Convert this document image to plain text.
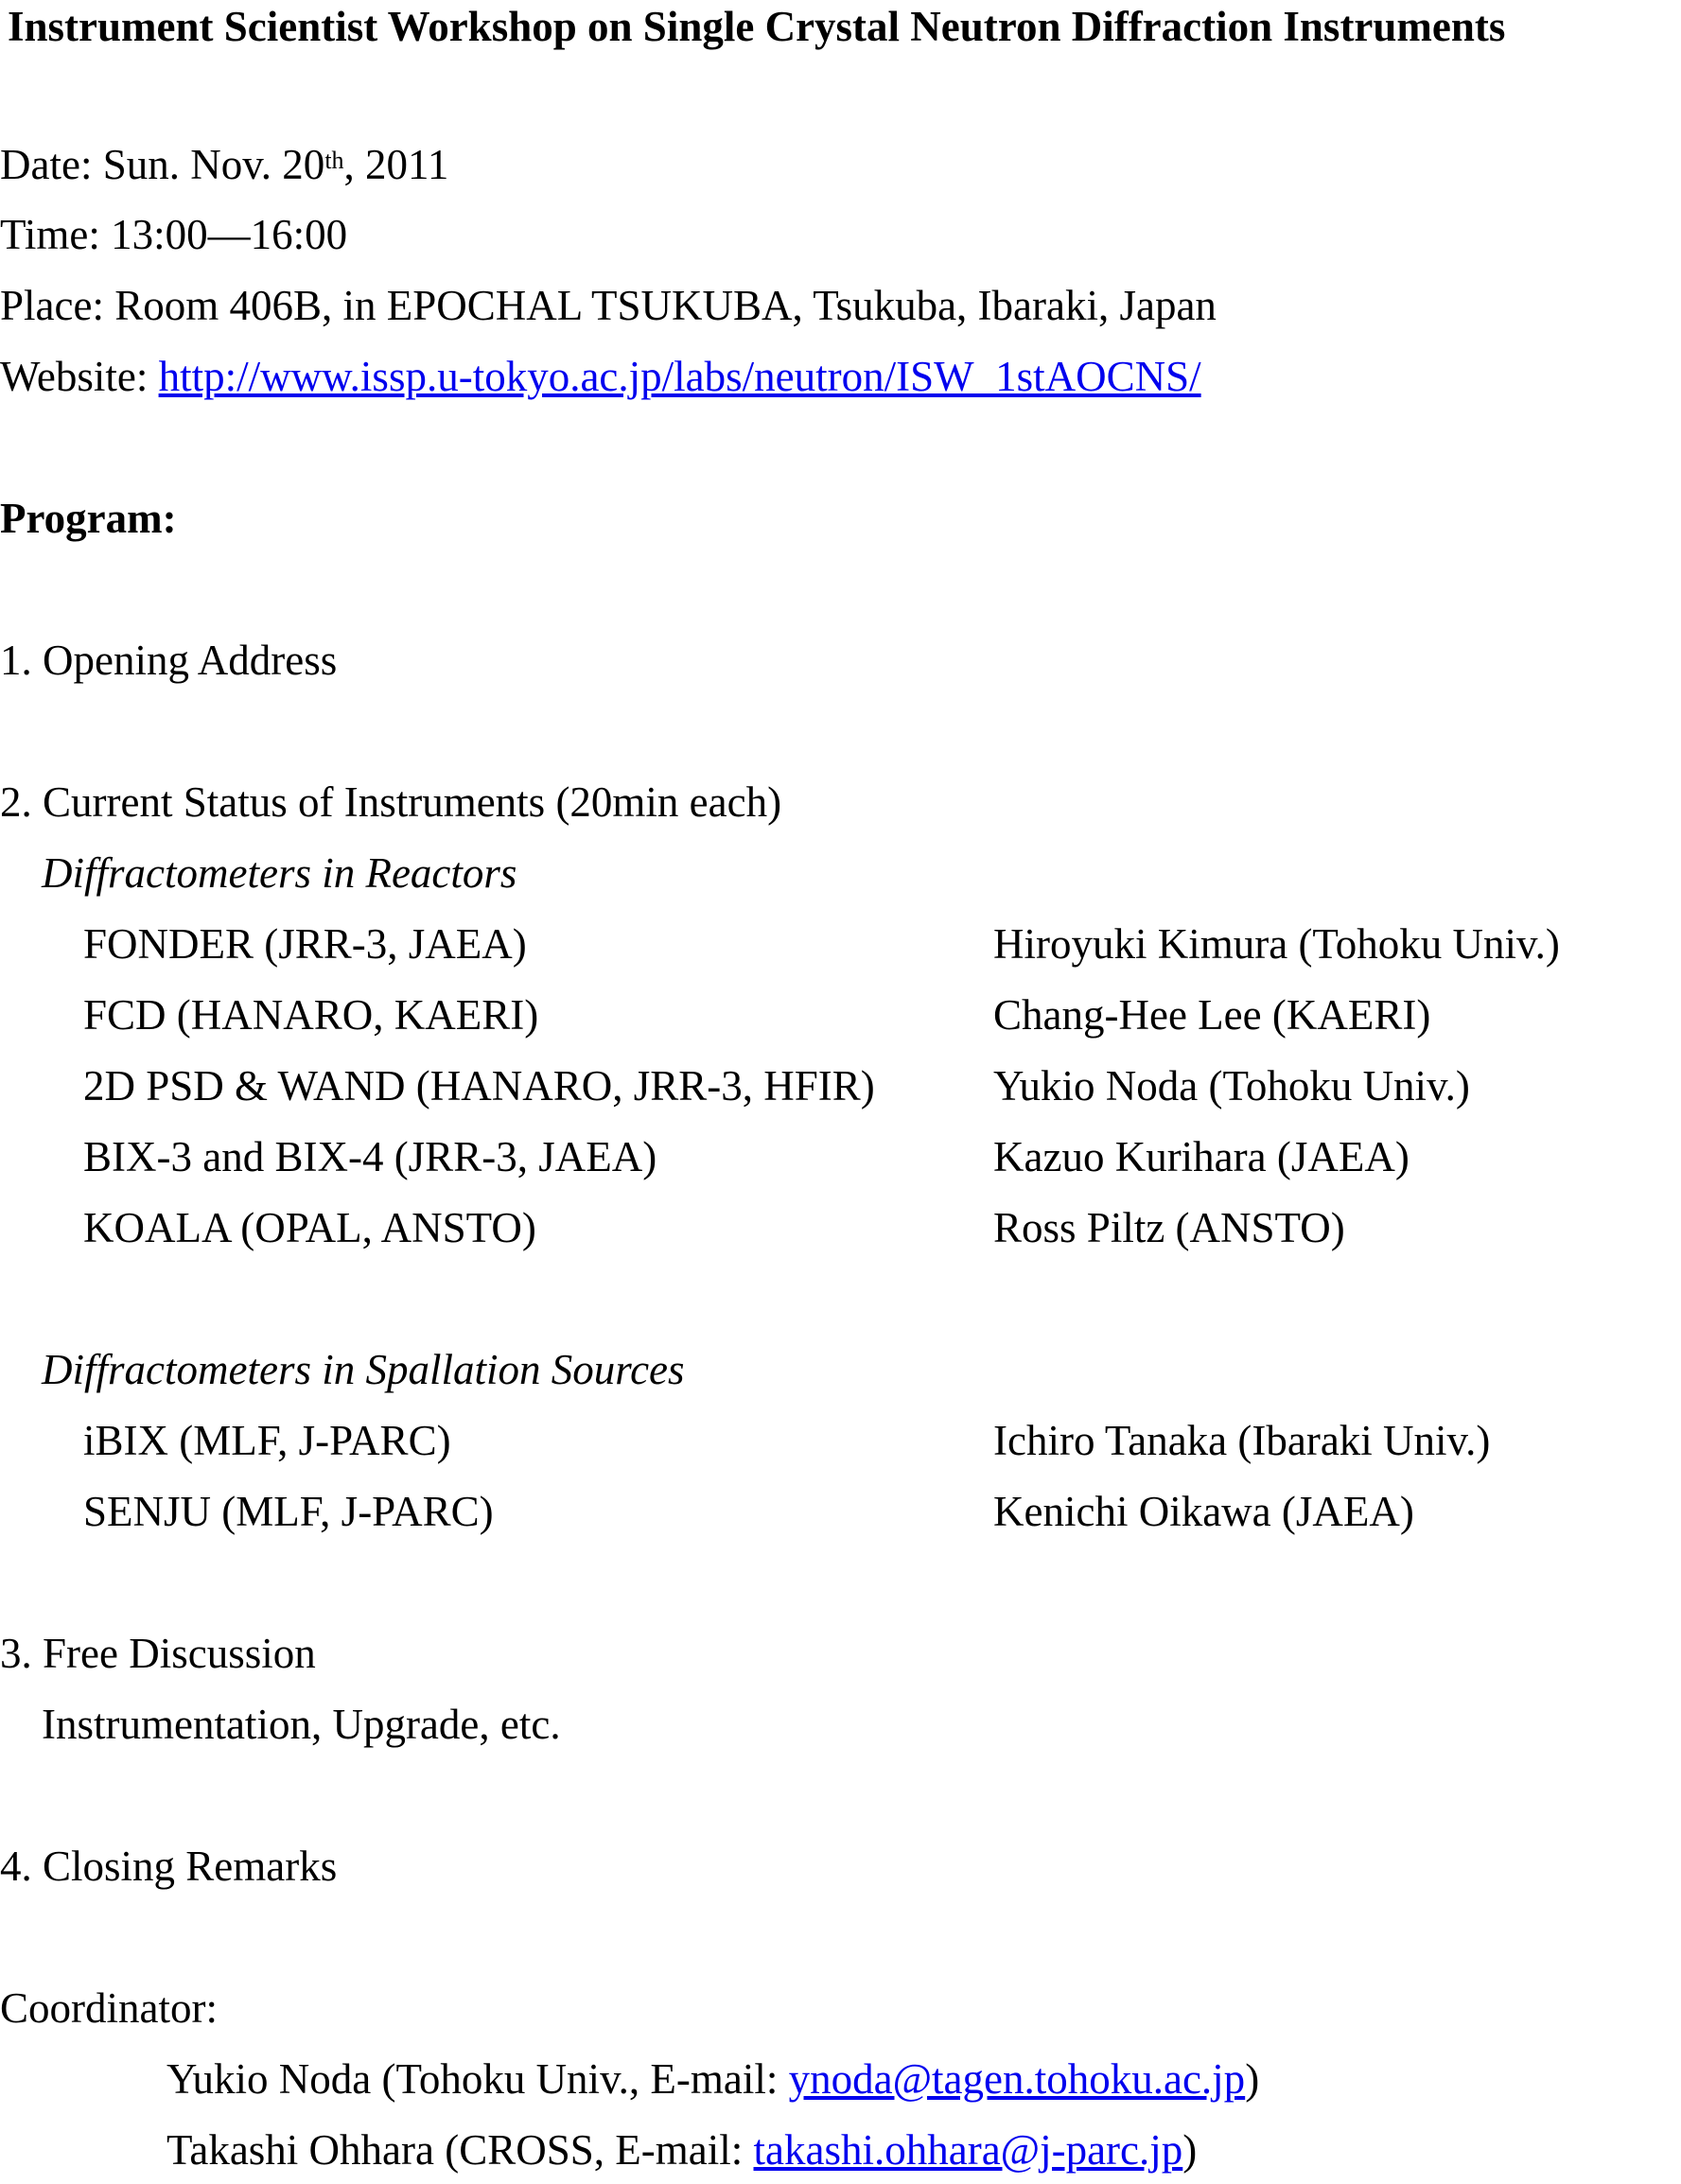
Instrument Scientist Workshop on Single Crystal Neutron Diffraction Instruments
Date: Sun. Nov. 20th, 2011
Time: 13:00—16:00
Place: Room 406B, in EPOCHAL TSUKUBA, Tsukuba, Ibaraki, Japan
Website: http://www.issp.u-tokyo.ac.jp/labs/neutron/ISW_1stAOCNS/
Program:
1. Opening Address
2. Current Status of Instruments (20min each)
Diffractometers in Reactors
FONDER (JRR-3, JAEA)	Hiroyuki Kimura (Tohoku Univ.)
FCD (HANARO, KAERI)	Chang-Hee Lee (KAERI)
2D PSD & WAND (HANARO, JRR-3, HFIR)	Yukio Noda (Tohoku Univ.)
BIX-3 and BIX-4 (JRR-3, JAEA)	Kazuo Kurihara (JAEA)
KOALA (OPAL, ANSTO)	Ross Piltz (ANSTO)
Diffractometers in Spallation Sources
iBIX (MLF, J-PARC)	Ichiro Tanaka (Ibaraki Univ.)
SENJU (MLF, J-PARC)	Kenichi Oikawa (JAEA)
3. Free Discussion
Instrumentation, Upgrade, etc.
4. Closing Remarks
Coordinator:
Yukio Noda (Tohoku Univ., E-mail: ynoda@tagen.tohoku.ac.jp)
Takashi Ohhara (CROSS, E-mail: takashi.ohhara@j-parc.jp)
